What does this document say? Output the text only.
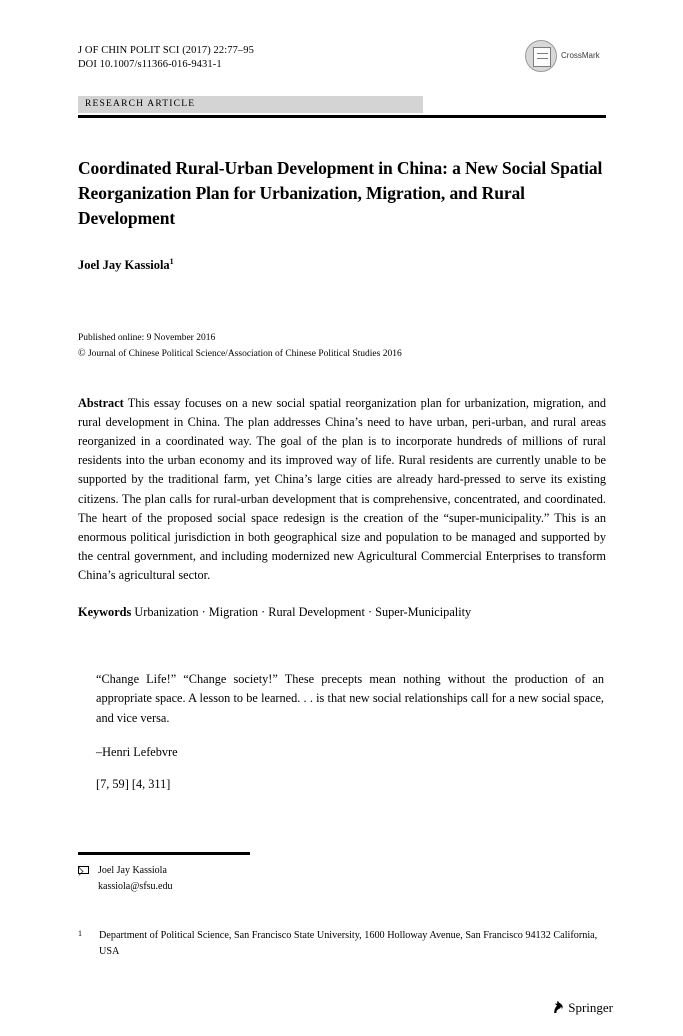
J OF CHIN POLIT SCI (2017) 22:77–95
DOI 10.1007/s11366-016-9431-1
CrossMark
RESEARCH ARTICLE
Coordinated Rural-Urban Development in China: a New Social Spatial Reorganization Plan for Urbanization, Migration, and Rural Development
Joel Jay Kassiola$^1$
Published online: 9 November 2016
© Journal of Chinese Political Science/Association of Chinese Political Studies 2016
Abstract This essay focuses on a new social spatial reorganization plan for urbanization, migration, and rural development in China. The plan addresses China’s need to have urban, peri-urban, and rural areas reorganized in a coordinated way. The goal of the plan is to incorporate hundreds of millions of rural residents into the urban economy and its improved way of life. Rural residents are currently unable to be supported by the traditional farm, yet China’s large cities are already hard-pressed to serve its existing citizens. The plan calls for rural-urban development that is comprehensive, concentrated, and coordinated. The heart of the proposed social space redesign is the creation of the “super-municipality.” This is an enormous political jurisdiction in both geographical size and population to be managed and supported by the central government, and including modernized new Agricultural Commercial Enterprises to transform China’s agricultural sector.
Keywords Urbanization · Migration · Rural Development · Super-Municipality
“Change Life!” “Change society!” These precepts mean nothing without the production of an appropriate space. A lesson to be learned. . . is that new social relationships call for a new social space, and vice versa.
–Henri Lefebvre
[7, 59] [4, 311]
Joel Jay Kassiola
kassiola@sfsu.edu
1 Department of Political Science, San Francisco State University, 1600 Holloway Avenue, San Francisco 94132 California, USA
Springer
